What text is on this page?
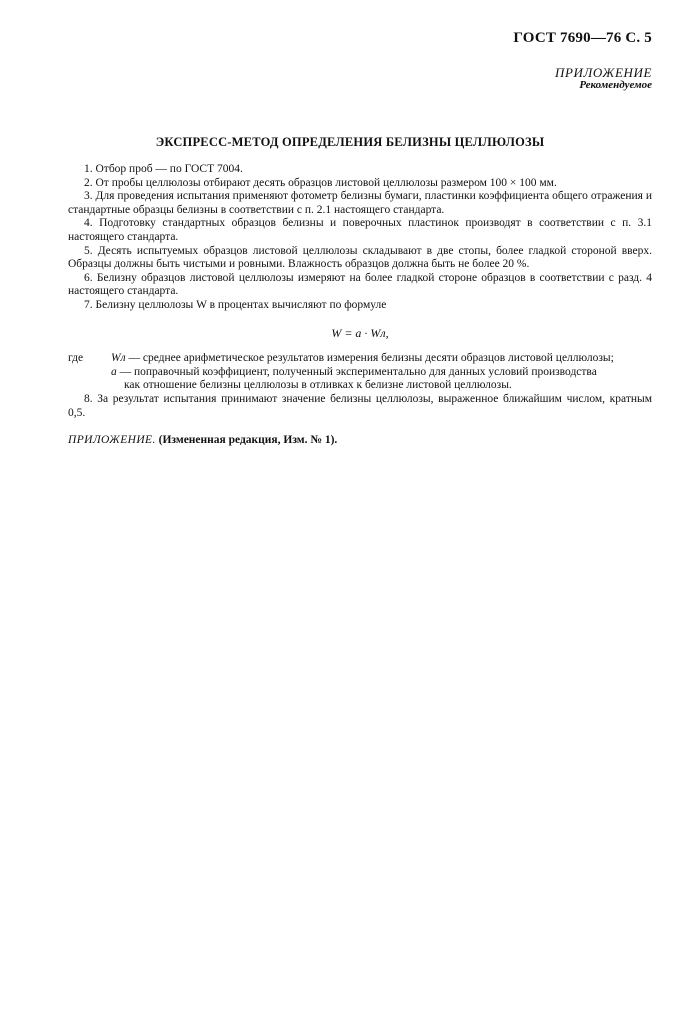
ГОСТ 7690—76 С. 5
ПРИЛОЖЕНИЕ
Рекомендуемое
ЭКСПРЕСС-МЕТОД ОПРЕДЕЛЕНИЯ БЕЛИЗНЫ ЦЕЛЛЮЛОЗЫ

1. Отбор проб — по ГОСТ 7004.

2. От пробы целлюлозы отбирают десять образцов листовой целлюлозы размером 100 × 100 мм.

3. Для проведения испытания применяют фотометр белизны бумаги, пластинки коэффициента общего отражения и стандартные образцы белизны в соответствии с п. 2.1 настоящего стандарта.

4. Подготовку стандартных образцов белизны и поверочных пластинок производят в соответствии с п. 3.1 настоящего стандарта.

5. Десять испытуемых образцов листовой целлюлозы складывают в две стопы, более гладкой стороной вверх. Образцы должны быть чистыми и ровными. Влажность образцов должна быть не более 20 %.

6. Белизну образцов листовой целлюлозы измеряют на более гладкой стороне образцов в соответствии с разд. 4 настоящего стандарта.

7. Белизну целлюлозы W в процентах вычисляют по формуле

W = a · Wл,
где	Wл — среднее арифметическое результатов измерения белизны десяти образцов листовой целлюлозы;
a — поправочный коэффициент, полученный экспериментально для данных условий производства
как отношение белизны целлюлозы в отливках к белизне листовой целлюлозы.

8. За результат испытания принимают значение белизны целлюлозы, выраженное ближайшим числом, кратным 0,5.

ПРИЛОЖЕНИЕ. (Измененная редакция, Изм. № 1).
